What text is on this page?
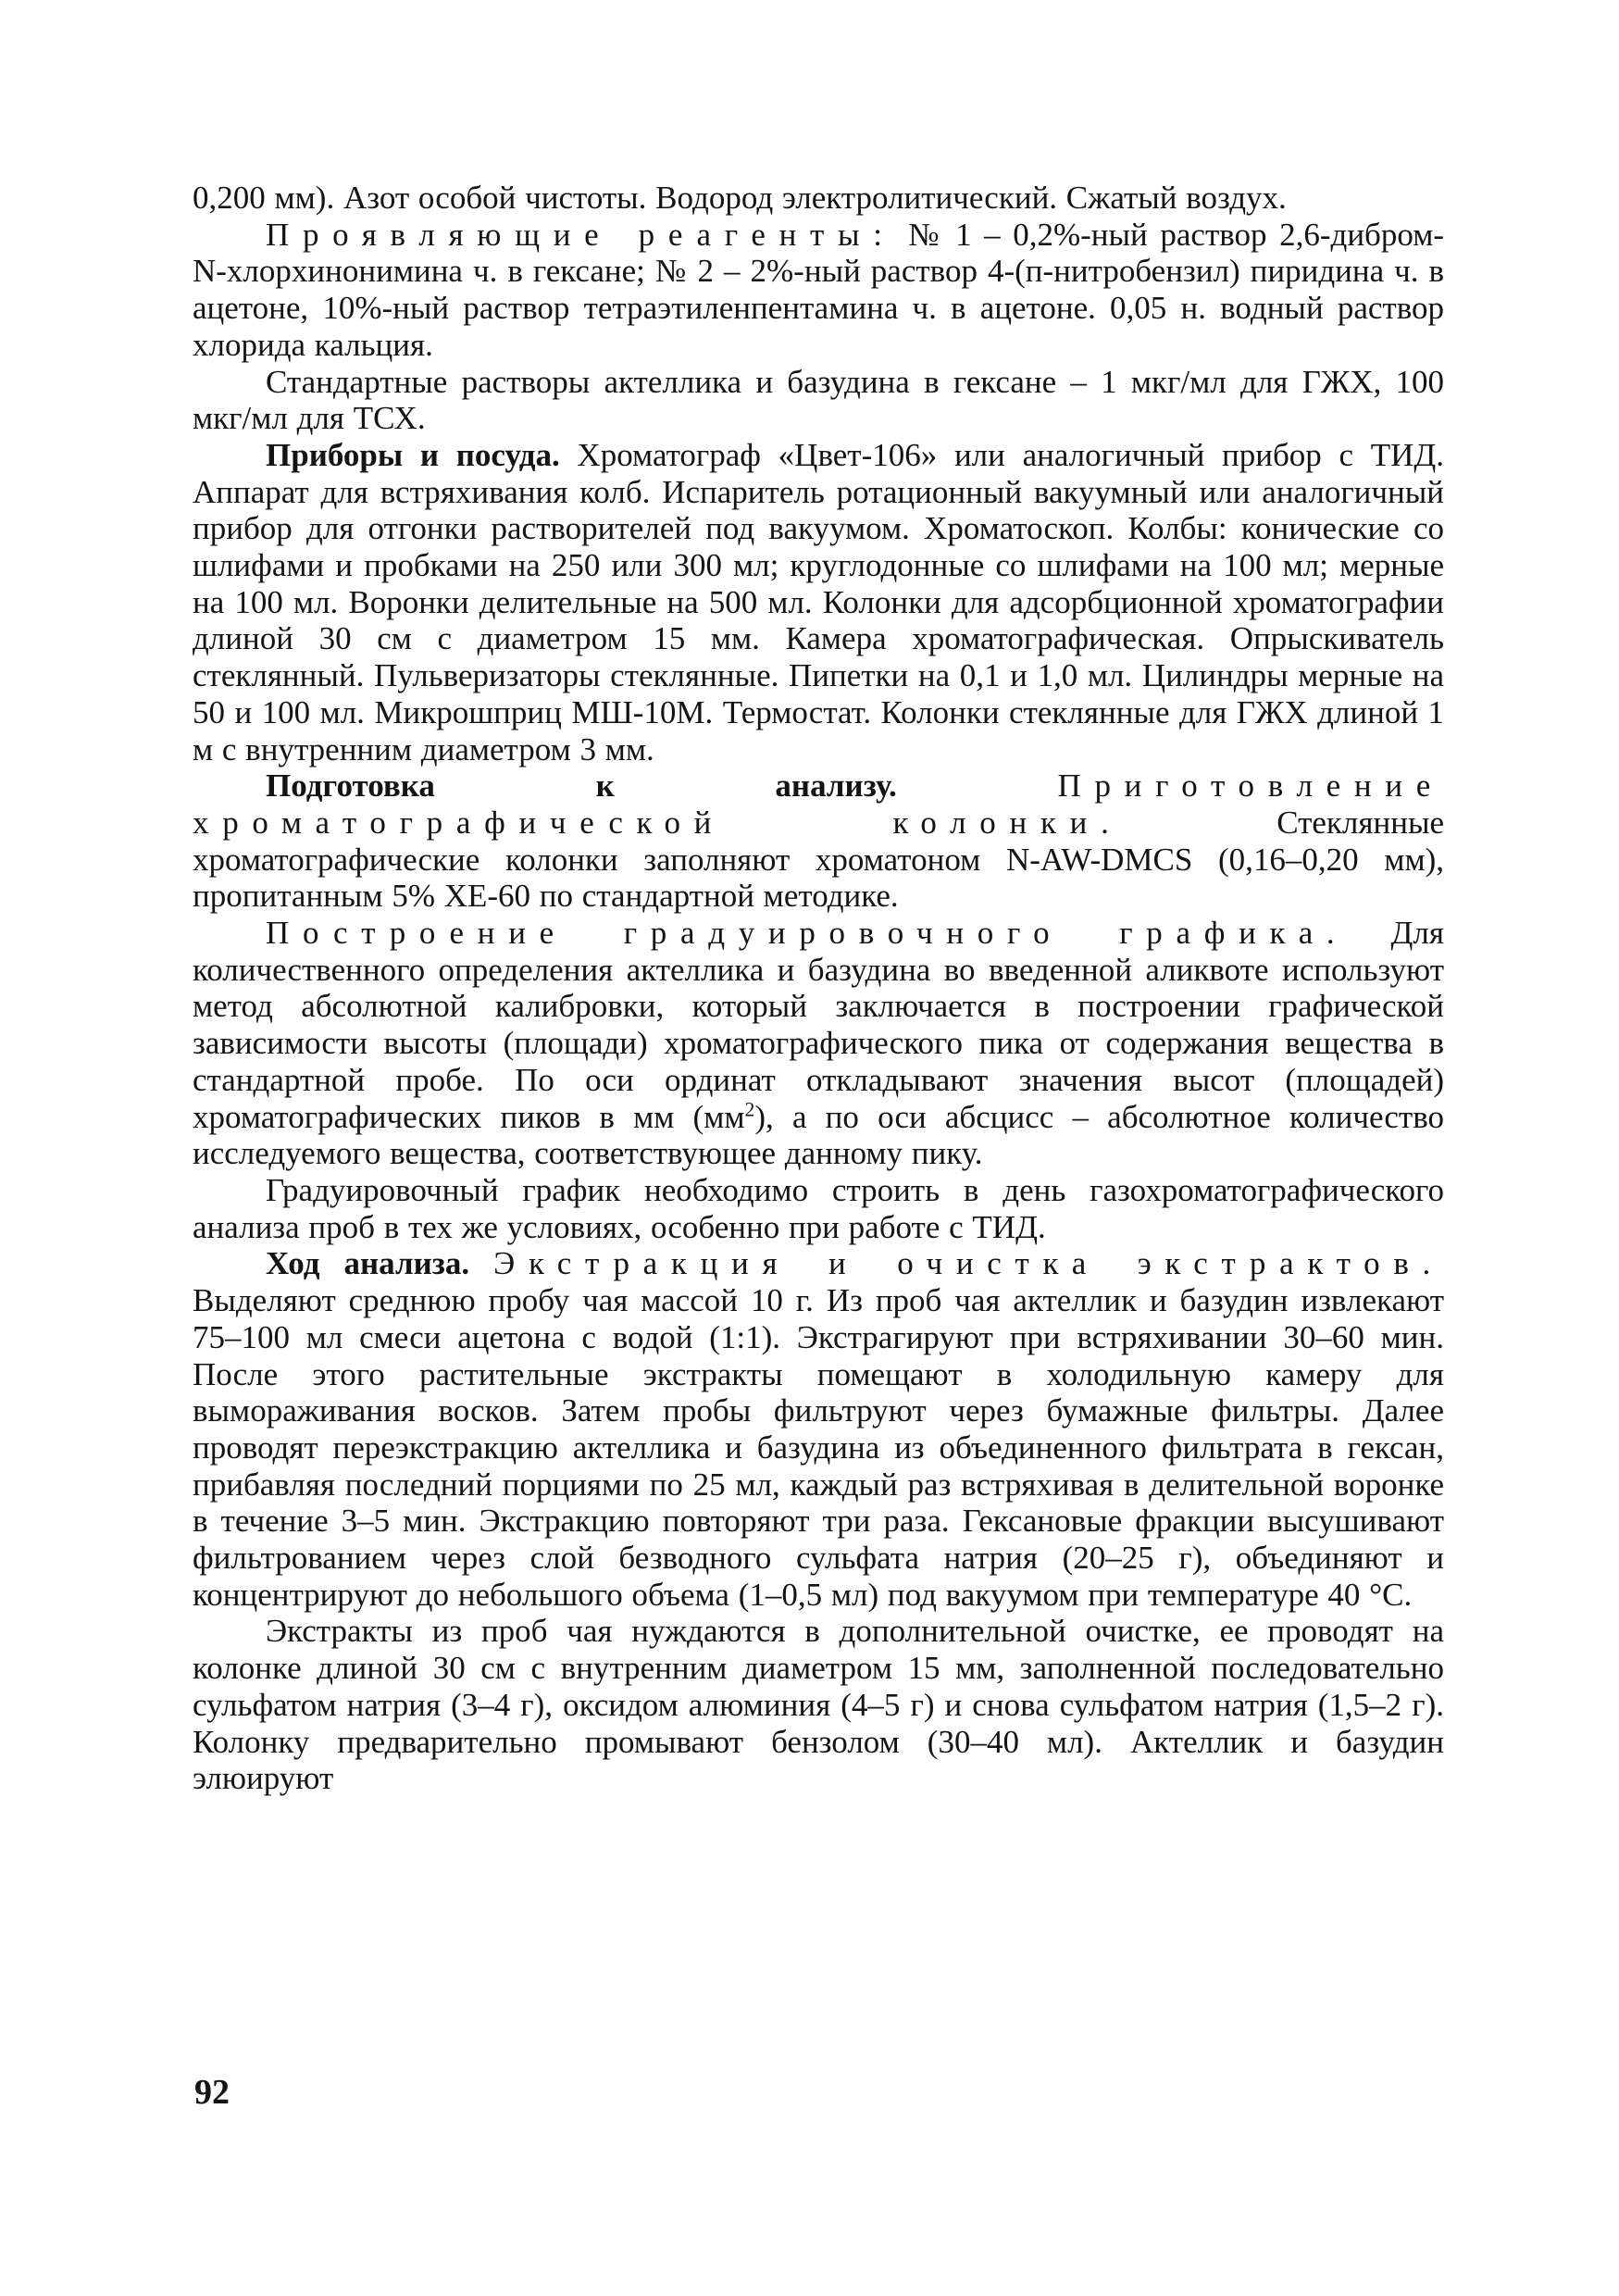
0,200 мм). Азот особой чистоты. Водород электролитический. Сжатый воздух.

Проявляющие реагенты: № 1 – 0,2%-ный раствор 2,6-дибром-N-хлорхинонимина ч. в гексане; № 2 – 2%-ный раствор 4-(п-нитробензил) пиридина ч. в ацетоне, 10%-ный раствор тетраэтиленпентамина ч. в ацетоне. 0,05 н. водный раствор хлорида кальция.

Стандартные растворы актеллика и базудина в гексане – 1 мкг/мл для ГЖХ, 100 мкг/мл для ТСХ.

Приборы и посуда. Хроматограф «Цвет-106» или аналогичный прибор с ТИД. Аппарат для встряхивания колб. Испаритель ротационный вакуумный или аналогичный прибор для отгонки растворителей под вакуумом. Хроматоскоп. Колбы: конические со шлифами и пробками на 250 или 300 мл; круглодонные со шлифами на 100 мл; мерные на 100 мл. Воронки делительные на 500 мл. Колонки для адсорбционной хроматографии длиной 30 см с диаметром 15 мм. Камера хроматографическая. Опрыскиватель стеклянный. Пульверизаторы стеклянные. Пипетки на 0,1 и 1,0 мл. Цилиндры мерные на 50 и 100 мл. Микрошприц МШ-10М. Термостат. Колонки стеклянные для ГЖХ длиной 1 м с внутренним диаметром 3 мм.

Подготовка к анализу.	Приготовление хроматографической колонки. Стеклянные хроматографические колонки заполняют хроматоном N-AW-DMCS (0,16–0,20 мм), пропитанным 5% XE-60 по стандартной методике.

Построение градуировочного графика. Для количественного определения актеллика и базудина во введенной аликвоте используют метод абсолютной калибровки, который заключается в построении графической зависимости высоты (площади) хроматографического пика от содержания вещества в стандартной пробе. По оси ординат откладывают значения высот (площадей) хроматографических пиков в мм $(мм^2)$, а по оси абсцисс – абсолютное количество исследуемого вещества, соответствующее данному пику.

Градуировочный график необходимо строить в день газохроматографического анализа проб в тех же условиях, особенно при работе с ТИД.

Ход анализа. Экстракция и очистка экстрактов. Выделяют среднюю пробу чая массой 10 г. Из проб чая актеллик и базудин извлекают 75–100 мл смеси ацетона с водой (1:1). Экстрагируют при встряхивании 30–60 мин. После этого растительные экстракты помещают в холодильную камеру для вымораживания восков. Затем пробы фильтруют через бумажные фильтры. Далее проводят переэкстракцию актеллика и базудина из объединенного фильтрата в гексан, прибавляя последний порциями по 25 мл, каждый раз встряхивая в делительной воронке в течение 3–5 мин. Экстракцию повторяют три раза. Гексановые фракции высушивают фильтрованием через слой безводного сульфата натрия (20–25 г), объединяют и концентрируют до небольшого объема (1–0,5 мл) под вакуумом при температуре 40 °С.

Экстракты из проб чая нуждаются в дополнительной очистке, ее проводят на колонке длиной 30 см с внутренним диаметром 15 мм, заполненной последовательно сульфатом натрия (3–4 г), оксидом алюминия (4–5 г) и снова сульфатом натрия (1,5–2 г). Колонку предварительно промывают бензолом (30–40 мл). Актеллик и базудин элюируют

92
